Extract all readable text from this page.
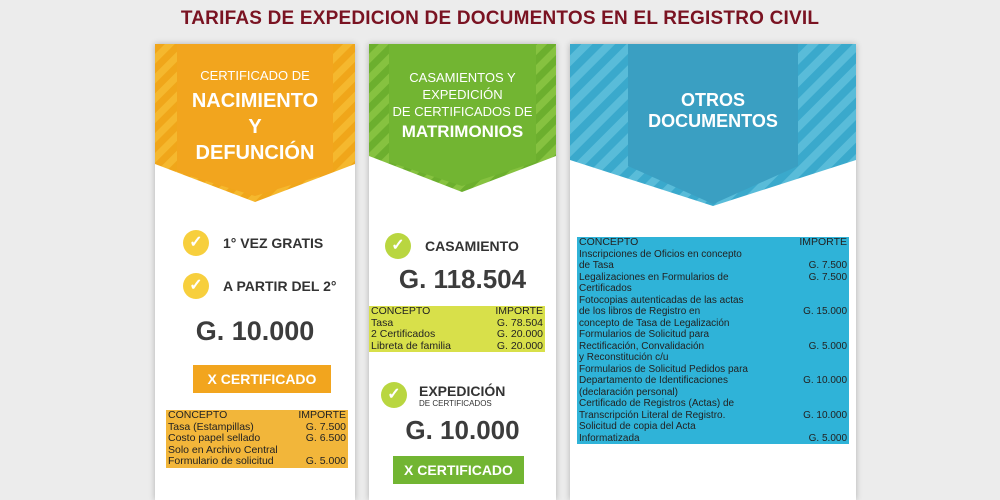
TARIFAS DE EXPEDICION DE DOCUMENTOS EN EL REGISTRO CIVIL
CERTIFICADO DE
NACIMIENTO
Y
DEFUNCIÓN
✓	1° VEZ GRATIS
✓	A PARTIR DEL 2°
G. 10.000
X CERTIFICADO
CONCEPTO	IMPORTE
Tasa (Estampillas)	G. 7.500
Costo papel sellado	G. 6.500
Solo en Archivo Central	
Formulario de solicitud	G. 5.000
CASAMIENTOS Y
EXPEDICIÓN
DE CERTIFICADOS DE
MATRIMONIOS
✓	CASAMIENTO
G. 118.504
CONCEPTO	IMPORTE
Tasa	G. 78.504
2 Certificados	G. 20.000
Libreta de familia	G. 20.000
✓	EXPEDICIÓN
DE CERTIFICADOS
G. 10.000
X CERTIFICADO
OTROS
DOCUMENTOS
CONCEPTO	IMPORTE
Inscripciones de Oficios en concepto	
de Tasa	G. 7.500
Legalizaciones en Formularios de	G. 7.500
Certificados	
Fotocopias autenticadas de las actas	
de los libros de Registro en	G. 15.000
concepto de Tasa de Legalización	
Formularios de Solicitud para	
Rectificación, Convalidación	G. 5.000
y Reconstitución c/u	
Formularios de Solicitud Pedidos para	
Departamento de Identificaciones	G. 10.000
(declaración personal)	
Certificado de Registros (Actas) de	
Transcripción Literal de Registro.	G. 10.000
Solicitud de copia del Acta	
Informatizada	G. 5.000
